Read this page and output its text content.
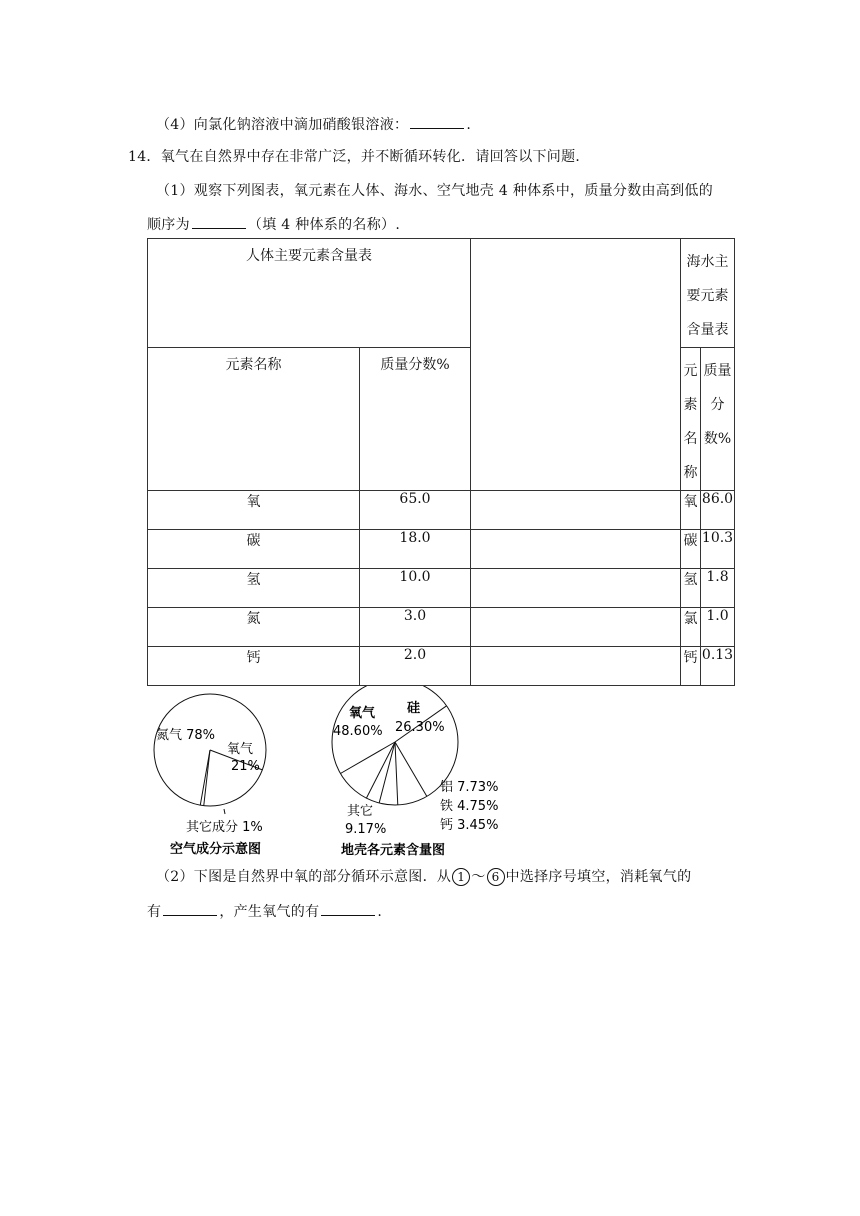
（4）向氯化钠溶液中滴加硝酸银溶液：	.
14．氧气在自然界中存在非常广泛，并不断循环转化．请回答以下问题．
（1）观察下列图表，氧元素在人体、海水、空气地壳 4 种体系中，质量分数由高到低的
顺序为	（填 4 种体系的名称）.
人体主要元素含量表			海水主要元素含量表	
元素名称	质量分数%		元素名称	质量分数%
氧	65.0		氧	86.0
碳	18.0		碳	10.3
氢	10.0		氢	1.8
氮	3.0		氯	1.0
钙	2.0		钙	0.13
氮气 78%
氧气
21%
其它成分 1%
空气成分示意图
氧气
48.60%
硅
26.30%
铝 7.73%
铁 4.75%
钙 3.45%
其它
9.17%
地壳各元素含量图
（2）下图是自然界中氧的部分循环示意图．从 1 ～ 6 中选择序号填空，消耗氧气的
有	，产生氧气的有	.
